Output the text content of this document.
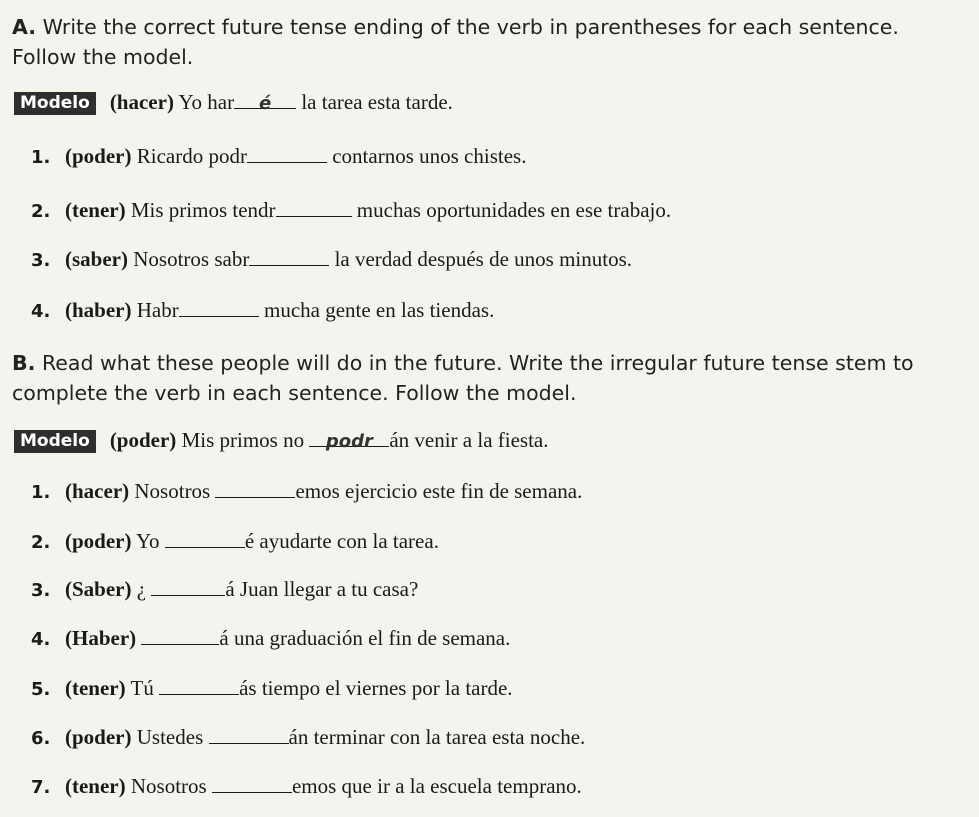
A. Write the correct future tense ending of the verb in parentheses for each sentence. Follow the model.
Modelo (hacer) Yo har é la tarea esta tarde.
1. (poder) Ricardo podr	contarnos unos chistes.
2. (tener) Mis primos tendr	muchas oportunidades en ese trabajo.
3. (saber) Nosotros sabr	la verdad después de unos minutos.
4. (haber) Habr	mucha gente en las tiendas.
B. Read what these people will do in the future. Write the irregular future tense stem to complete the verb in each sentence. Follow the model.
Modelo (poder) Mis primos no podr án venir a la fiesta.
1. (hacer) Nosotros	emos ejercicio este fin de semana.
2. (poder) Yo	é ayudarte con la tarea.
3. (Saber) ¿	á Juan llegar a tu casa?
4. (Haber)	á una graduación el fin de semana.
5. (tener) Tú	ás tiempo el viernes por la tarde.
6. (poder) Ustedes	án terminar con la tarea esta noche.
7. (tener) Nosotros	emos que ir a la escuela temprano.
